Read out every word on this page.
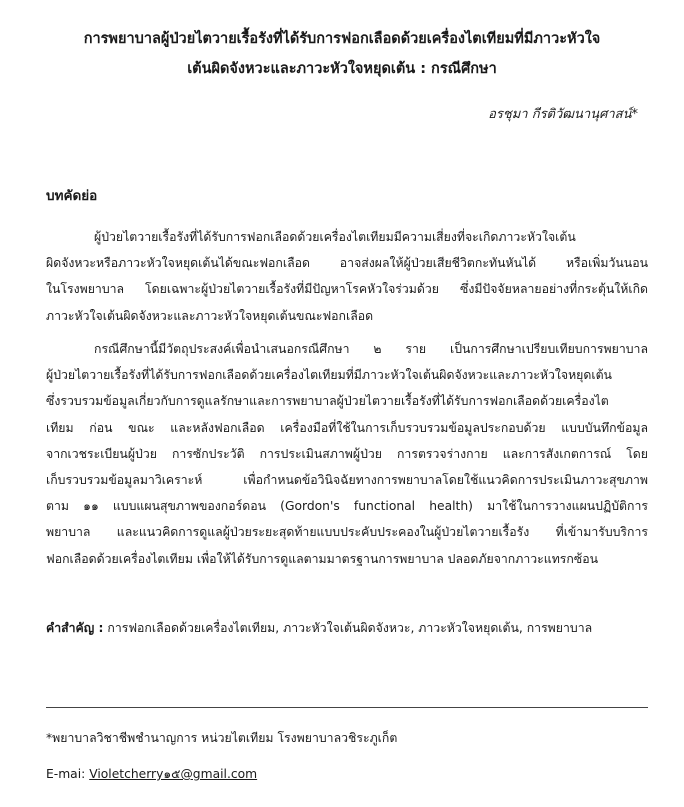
การพยาบาลผู้ป่วยไตวายเรื้อรังที่ได้รับการฟอกเลือดด้วยเครื่องไตเทียมที่มีภาวะหัวใจ
เต้นผิดจังหวะและภาวะหัวใจหยุดเต้น : กรณีศึกษา
อรชุมา กีรติวัฒนานุศาสน์*
บทคัดย่อ
ผู้ป่วยไตวายเรื้อรังที่ได้รับการฟอกเลือดด้วยเครื่องไตเทียมมีความเสี่ยงที่จะเกิดภาวะหัวใจเต้น
ผิดจังหวะหรือภาวะหัวใจหยุดเต้นได้ขณะฟอกเลือด อาจส่งผลให้ผู้ป่วยเสียชีวิตกะทันหันได้ หรือเพิ่มวันนอน
ในโรงพยาบาล โดยเฉพาะผู้ป่วยไตวายเรื้อรังที่มีปัญหาโรคหัวใจร่วมด้วย ซึ่งมีปัจจัยหลายอย่างที่กระตุ้นให้เกิด
ภาวะหัวใจเต้นผิดจังหวะและภาวะหัวใจหยุดเต้นขณะฟอกเลือด
กรณีศึกษานี้มีวัตถุประสงค์เพื่อนำเสนอกรณีศึกษา ๒ ราย เป็นการศึกษาเปรียบเทียบการพยาบาล
ผู้ป่วยไตวายเรื้อรังที่ได้รับการฟอกเลือดด้วยเครื่องไตเทียมที่มีภาวะหัวใจเต้นผิดจังหวะและภาวะหัวใจหยุดเต้น
ซึ่งรวบรวมข้อมูลเกี่ยวกับการดูแลรักษาและการพยาบาลผู้ป่วยไตวายเรื้อรังที่ได้รับการฟอกเลือดด้วยเครื่องไต
เทียม ก่อน ขณะ และหลังฟอกเลือด เครื่องมือที่ใช้ในการเก็บรวบรวมข้อมูลประกอบด้วย แบบบันทึกข้อมูล
จากเวชระเบียนผู้ป่วย การซักประวัติ การประเมินสภาพผู้ป่วย การตรวจร่างกาย และการสังเกตการณ์ โดย
เก็บรวบรวมข้อมูลมาวิเคราะห์ เพื่อกำหนดข้อวินิจฉัยทางการพยาบาลโดยใช้แนวคิดการประเมินภาวะสุขภาพ
ตาม ๑๑ แบบแผนสุขภาพของกอร์ดอน (Gordon's functional health) มาใช้ในการวางแผนปฏิบัติการ
พยาบาล และแนวคิดการดูแลผู้ป่วยระยะสุดท้ายแบบประคับประคองในผู้ป่วยไตวายเรื้อรัง ที่เข้ามารับบริการ
ฟอกเลือดด้วยเครื่องไตเทียม เพื่อให้ได้รับการดูแลตามมาตรฐานการพยาบาล ปลอดภัยจากภาวะแทรกซ้อน
คำสำคัญ : การฟอกเลือดด้วยเครื่องไตเทียม, ภาวะหัวใจเต้นผิดจังหวะ, ภาวะหัวใจหยุดเต้น, การพยาบาล
*พยาบาลวิชาชีพชำนาญการ หน่วยไตเทียม โรงพยาบาลวชิระภูเก็ต
E-mai: Violetcherry๑๕@gmail.com
